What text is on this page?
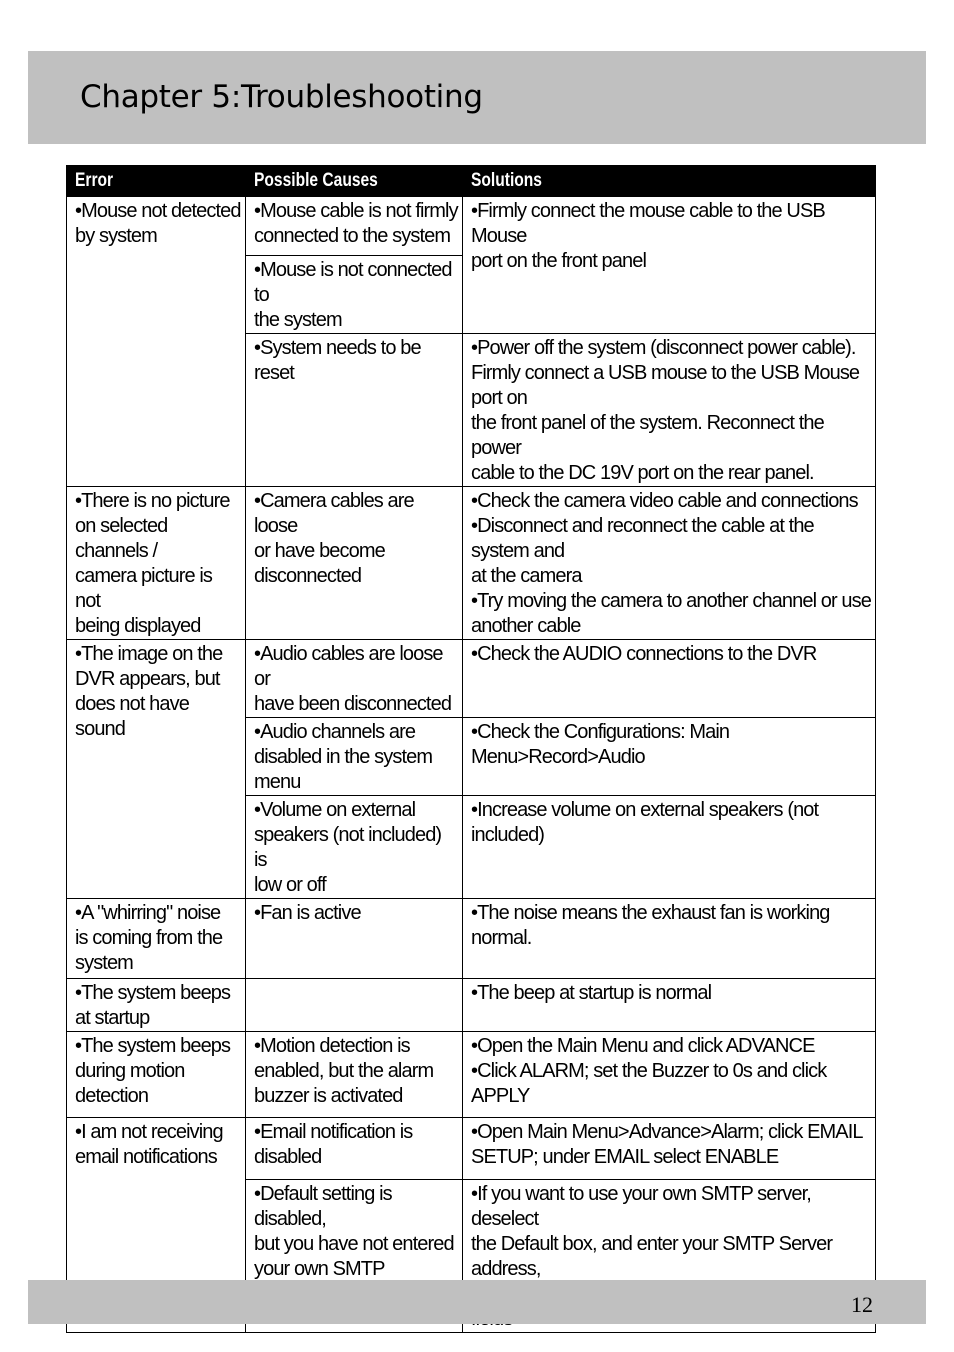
Chapter 5:Troubleshooting
Error	Possible Causes	Solutions

•Mouse not detected
by system	•Mouse cable is not firmly
connected to the system	•Firmly connect the mouse cable to the USB Mouse
port on the front panel

	•Mouse is not connected to
the system	

	•System needs to be reset	•Power off the system (disconnect power cable).
Firmly connect a USB mouse to the USB Mouse port on
the front panel of the system. Reconnect the power
cable to the DC 19V port on the rear panel.

•There is no picture
on selected channels /
camera picture is not
being displayed	•Camera cables are loose
or have become
disconnected	•Check the camera video cable and connections
•Disconnect and reconnect the cable at the system and
at the camera
•Try moving the camera to another channel or use
another cable

•The image on the
DVR appears, but
does not have sound	•Audio cables are loose or
have been disconnected	•Check the AUDIO connections to the DVR

	•Audio channels are
disabled in the system
menu	•Check the Configurations: Main Menu>Record>Audio

	•Volume on external
speakers (not included) is
low or off	•Increase volume on external speakers (not included)

•A "whirring" noise
is coming from the
system	•Fan is active	•The noise means the exhaust fan is working normal.

•The system beeps
at startup		•The beep at startup is normal

•The system beeps
during motion
detection	•Motion detection is
enabled, but the alarm
buzzer is activated	•Open the Main Menu and click ADVANCE
•Click ALARM; set the Buzzer to 0s and click
APPLY

•I am not receiving
email notifications	•Email notification is
disabled	•Open Main Menu>Advance>Alarm; click EMAIL
SETUP; under EMAIL select ENABLE

	•Default setting is disabled,
but you have not entered
your own SMTP	•If you want to use your own SMTP server, deselect
the Default box, and enter your SMTP Server address,

12
